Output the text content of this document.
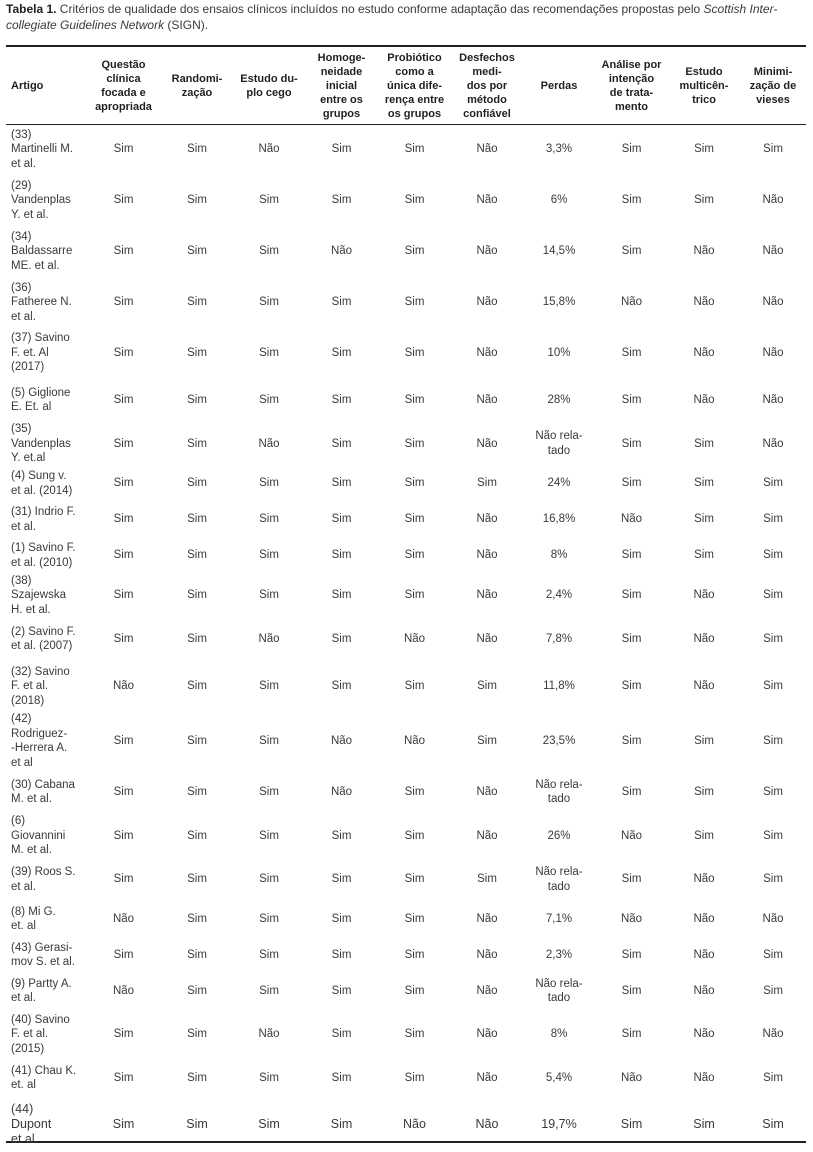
Tabela 1. Critérios de qualidade dos ensaios clínicos incluídos no estudo conforme adaptação das recomendações propostas pelo Scottish Inter-collegiate Guidelines Network (SIGN).
Artigo	Questão
clínica
focada e
apropriada	Randomi-
zação	Estudo du-
plo cego	Homoge-
neidade
inicial
entre os
grupos	Probiótico
como a
única dife-
rença entre
os grupos	Desfechos
medi-
dos por
método
confiável	Perdas	Análise por
intenção
de trata-
mento	Estudo
multicên-
trico	Minimi-
zação de
vieses

(33)
Martinelli M.
et al.	Sim	Sim	Não	Sim	Sim	Não	3,3%	Sim	Sim	Sim
(29)
Vandenplas
Y. et al.	Sim	Sim	Sim	Sim	Sim	Não	6%	Sim	Sim	Não
(34)
Baldassarre
ME. et al.	Sim	Sim	Sim	Não	Sim	Não	14,5%	Sim	Não	Não
(36)
Fatheree N.
et al.	Sim	Sim	Sim	Sim	Sim	Não	15,8%	Não	Não	Não
(37) Savino
F. et. Al
(2017)	Sim	Sim	Sim	Sim	Sim	Não	10%	Sim	Não	Não
(5) Giglione
E. Et. al	Sim	Sim	Sim	Sim	Sim	Não	28%	Sim	Não	Não
(35)
Vandenplas
Y. et.al	Sim	Sim	Não	Sim	Sim	Não	Não rela-
tado	Sim	Sim	Não
(4) Sung v.
et al. (2014)	Sim	Sim	Sim	Sim	Sim	Sim	24%	Sim	Sim	Sim
(31) Indrio F.
et al.	Sim	Sim	Sim	Sim	Sim	Não	16,8%	Não	Sim	Sim
(1) Savino F.
et al. (2010)	Sim	Sim	Sim	Sim	Sim	Não	8%	Sim	Sim	Sim
(38)
Szajewska
H. et al.	Sim	Sim	Sim	Sim	Sim	Não	2,4%	Sim	Não	Sim
(2) Savino F.
et al. (2007)	Sim	Sim	Não	Sim	Não	Não	7,8%	Sim	Não	Sim
(32) Savino
F. et al.
(2018)	Não	Sim	Sim	Sim	Sim	Sim	11,8%	Sim	Não	Sim
(42)
Rodriguez-
-Herrera A.
et al	Sim	Sim	Sim	Não	Não	Sim	23,5%	Sim	Sim	Sim
(30) Cabana
M. et al.	Sim	Sim	Sim	Não	Sim	Não	Não rela-
tado	Sim	Sim	Sim
(6)
Giovannini
M. et al.	Sim	Sim	Sim	Sim	Sim	Não	26%	Não	Sim	Sim
(39) Roos S.
et al.	Sim	Sim	Sim	Sim	Sim	Sim	Não rela-
tado	Sim	Não	Sim
(8) Mi G.
et. al	Não	Sim	Sim	Sim	Sim	Não	7,1%	Não	Não	Não
(43) Gerasi-
mov S. et al.	Sim	Sim	Sim	Sim	Sim	Não	2,3%	Sim	Não	Sim
(9) Partty A.
et al.	Não	Sim	Sim	Sim	Sim	Não	Não rela-
tado	Sim	Não	Sim
(40) Savino
F. et al.
(2015)	Sim	Sim	Não	Sim	Sim	Não	8%	Sim	Não	Não
(41) Chau K.
et. al	Sim	Sim	Sim	Sim	Sim	Não	5,4%	Não	Não	Sim
(44)
Dupont
et al.	Sim	Sim	Sim	Sim	Não	Não	19,7%	Sim	Sim	Sim
